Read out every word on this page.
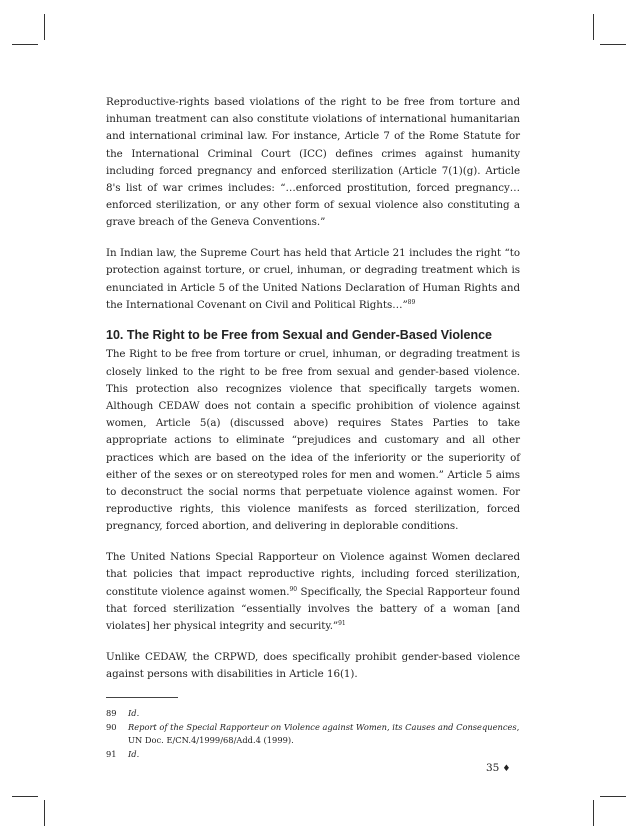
Reproductive-rights based violations of the right to be free from torture and inhuman treatment can also constitute violations of international humanitarian and international criminal law. For instance, Article 7 of the Rome Statute for the International Criminal Court (ICC) defines crimes against humanity including forced pregnancy and enforced sterilization (Article 7(1)(g). Article 8's list of war crimes includes: “…enforced prostitution, forced pregnancy…enforced sterilization, or any other form of sexual violence also constituting a grave breach of the Geneva Conventions.”

In Indian law, the Supreme Court has held that Article 21 includes the right “to protection against torture, or cruel, inhuman, or degrading treatment which is enunciated in Article 5 of the United Nations Declaration of Human Rights and the International Covenant on Civil and Political Rights…”$^{89}$

10. The Right to be Free from Sexual and Gender-Based Violence

The Right to be free from torture or cruel, inhuman, or degrading treatment is closely linked to the right to be free from sexual and gender-based violence. This protection also recognizes violence that specifically targets women. Although CEDAW does not contain a specific prohibition of violence against women, Article 5(a) (discussed above) requires States Parties to take appropriate actions to eliminate “prejudices and customary and all other practices which are based on the idea of the inferiority or the superiority of either of the sexes or on stereotyped roles for men and women.” Article 5 aims to deconstruct the social norms that perpetuate violence against women. For reproductive rights, this violence manifests as forced sterilization, forced pregnancy, forced abortion, and delivering in deplorable conditions.

The United Nations Special Rapporteur on Violence against Women declared that policies that impact reproductive rights, including forced sterilization, constitute violence against women.$^{90}$ Specifically, the Special Rapporteur found that forced sterilization “essentially involves the battery of a woman [and violates] her physical integrity and security.”$^{91}$

Unlike CEDAW, the CRPWD, does specifically prohibit gender-based violence against persons with disabilities in Article 16(1).

89	Id.
90	Report of the Special Rapporteur on Violence against Women, its Causes and Consequences, UN Doc. E/CN.4/1999/68/Add.4 (1999).
91	Id.
35 ♦
